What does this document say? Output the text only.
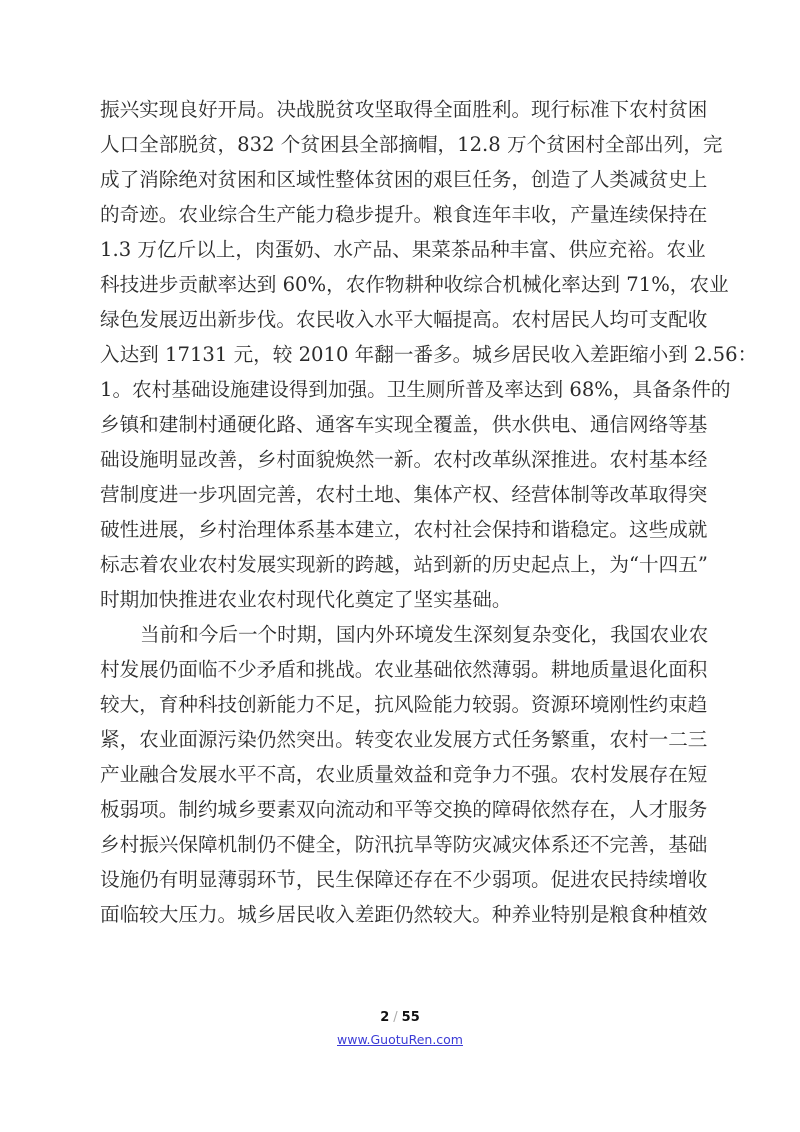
振兴实现良好开局。决战脱贫攻坚取得全面胜利。现行标准下农村贫困
人口全部脱贫，832 个贫困县全部摘帽，12.8 万个贫困村全部出列，完
成了消除绝对贫困和区域性整体贫困的艰巨任务，创造了人类减贫史上
的奇迹。农业综合生产能力稳步提升。粮食连年丰收，产量连续保持在
1.3 万亿斤以上，肉蛋奶、水产品、果菜茶品种丰富、供应充裕。农业
科技进步贡献率达到 60%，农作物耕种收综合机械化率达到 71%，农业
绿色发展迈出新步伐。农民收入水平大幅提高。农村居民人均可支配收
入达到 17131 元，较 2010 年翻一番多。城乡居民收入差距缩小到 2.56：
1。农村基础设施建设得到加强。卫生厕所普及率达到 68%，具备条件的
乡镇和建制村通硬化路、通客车实现全覆盖，供水供电、通信网络等基
础设施明显改善，乡村面貌焕然一新。农村改革纵深推进。农村基本经
营制度进一步巩固完善，农村土地、集体产权、经营体制等改革取得突
破性进展，乡村治理体系基本建立，农村社会保持和谐稳定。这些成就
标志着农业农村发展实现新的跨越，站到新的历史起点上，为“十四五”
时期加快推进农业农村现代化奠定了坚实基础。
当前和今后一个时期，国内外环境发生深刻复杂变化，我国农业农
村发展仍面临不少矛盾和挑战。农业基础依然薄弱。耕地质量退化面积
较大，育种科技创新能力不足，抗风险能力较弱。资源环境刚性约束趋
紧，农业面源污染仍然突出。转变农业发展方式任务繁重，农村一二三
产业融合发展水平不高，农业质量效益和竞争力不强。农村发展存在短
板弱项。制约城乡要素双向流动和平等交换的障碍依然存在，人才服务
乡村振兴保障机制仍不健全，防汛抗旱等防灾减灾体系还不完善，基础
设施仍有明显薄弱环节，民生保障还存在不少弱项。促进农民持续增收
面临较大压力。城乡居民收入差距仍然较大。种养业特别是粮食种植效
2 / 55
www.GuotuRen.com
